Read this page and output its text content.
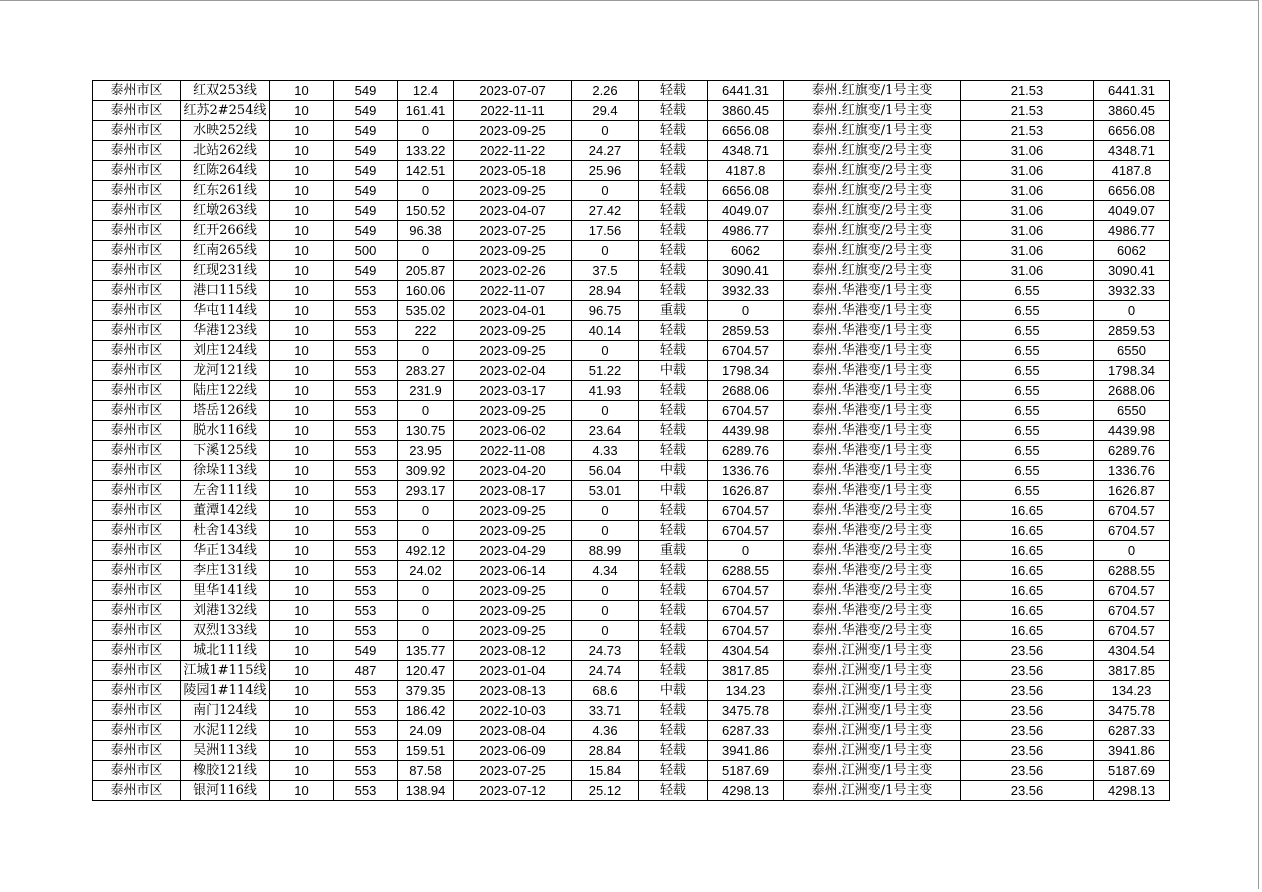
泰州市区	红双253线	10	549	12.4	2023-07-07	2.26	轻载	6441.31	泰州.红旗变/1号主变	21.53	6441.31
泰州市区	红苏2#254线	10	549	161.41	2022-11-11	29.4	轻载	3860.45	泰州.红旗变/1号主变	21.53	3860.45
泰州市区	水映252线	10	549	0	2023-09-25	0	轻载	6656.08	泰州.红旗变/1号主变	21.53	6656.08
泰州市区	北站262线	10	549	133.22	2022-11-22	24.27	轻载	4348.71	泰州.红旗变/2号主变	31.06	4348.71
泰州市区	红陈264线	10	549	142.51	2023-05-18	25.96	轻载	4187.8	泰州.红旗变/2号主变	31.06	4187.8
泰州市区	红东261线	10	549	0	2023-09-25	0	轻载	6656.08	泰州.红旗变/2号主变	31.06	6656.08
泰州市区	红墩263线	10	549	150.52	2023-04-07	27.42	轻载	4049.07	泰州.红旗变/2号主变	31.06	4049.07
泰州市区	红开266线	10	549	96.38	2023-07-25	17.56	轻载	4986.77	泰州.红旗变/2号主变	31.06	4986.77
泰州市区	红南265线	10	500	0	2023-09-25	0	轻载	6062	泰州.红旗变/2号主变	31.06	6062
泰州市区	红现231线	10	549	205.87	2023-02-26	37.5	轻载	3090.41	泰州.红旗变/2号主变	31.06	3090.41
泰州市区	港口115线	10	553	160.06	2022-11-07	28.94	轻载	3932.33	泰州.华港变/1号主变	6.55	3932.33
泰州市区	华屯114线	10	553	535.02	2023-04-01	96.75	重载	0	泰州.华港变/1号主变	6.55	0
泰州市区	华港123线	10	553	222	2023-09-25	40.14	轻载	2859.53	泰州.华港变/1号主变	6.55	2859.53
泰州市区	刘庄124线	10	553	0	2023-09-25	0	轻载	6704.57	泰州.华港变/1号主变	6.55	6550
泰州市区	龙河121线	10	553	283.27	2023-02-04	51.22	中载	1798.34	泰州.华港变/1号主变	6.55	1798.34
泰州市区	陆庄122线	10	553	231.9	2023-03-17	41.93	轻载	2688.06	泰州.华港变/1号主变	6.55	2688.06
泰州市区	塔岳126线	10	553	0	2023-09-25	0	轻载	6704.57	泰州.华港变/1号主变	6.55	6550
泰州市区	脱水116线	10	553	130.75	2023-06-02	23.64	轻载	4439.98	泰州.华港变/1号主变	6.55	4439.98
泰州市区	下溪125线	10	553	23.95	2022-11-08	4.33	轻载	6289.76	泰州.华港变/1号主变	6.55	6289.76
泰州市区	徐垛113线	10	553	309.92	2023-04-20	56.04	中载	1336.76	泰州.华港变/1号主变	6.55	1336.76
泰州市区	左舍111线	10	553	293.17	2023-08-17	53.01	中载	1626.87	泰州.华港变/1号主变	6.55	1626.87
泰州市区	董潭142线	10	553	0	2023-09-25	0	轻载	6704.57	泰州.华港变/2号主变	16.65	6704.57
泰州市区	杜舍143线	10	553	0	2023-09-25	0	轻载	6704.57	泰州.华港变/2号主变	16.65	6704.57
泰州市区	华正134线	10	553	492.12	2023-04-29	88.99	重载	0	泰州.华港变/2号主变	16.65	0
泰州市区	李庄131线	10	553	24.02	2023-06-14	4.34	轻载	6288.55	泰州.华港变/2号主变	16.65	6288.55
泰州市区	里华141线	10	553	0	2023-09-25	0	轻载	6704.57	泰州.华港变/2号主变	16.65	6704.57
泰州市区	刘港132线	10	553	0	2023-09-25	0	轻载	6704.57	泰州.华港变/2号主变	16.65	6704.57
泰州市区	双烈133线	10	553	0	2023-09-25	0	轻载	6704.57	泰州.华港变/2号主变	16.65	6704.57
泰州市区	城北111线	10	549	135.77	2023-08-12	24.73	轻载	4304.54	泰州.江洲变/1号主变	23.56	4304.54
泰州市区	江城1#115线	10	487	120.47	2023-01-04	24.74	轻载	3817.85	泰州.江洲变/1号主变	23.56	3817.85
泰州市区	陵园1#114线	10	553	379.35	2023-08-13	68.6	中载	134.23	泰州.江洲变/1号主变	23.56	134.23
泰州市区	南门124线	10	553	186.42	2022-10-03	33.71	轻载	3475.78	泰州.江洲变/1号主变	23.56	3475.78
泰州市区	水泥112线	10	553	24.09	2023-08-04	4.36	轻载	6287.33	泰州.江洲变/1号主变	23.56	6287.33
泰州市区	吴洲113线	10	553	159.51	2023-06-09	28.84	轻载	3941.86	泰州.江洲变/1号主变	23.56	3941.86
泰州市区	橡胶121线	10	553	87.58	2023-07-25	15.84	轻载	5187.69	泰州.江洲变/1号主变	23.56	5187.69
泰州市区	银河116线	10	553	138.94	2023-07-12	25.12	轻载	4298.13	泰州.江洲变/1号主变	23.56	4298.13
